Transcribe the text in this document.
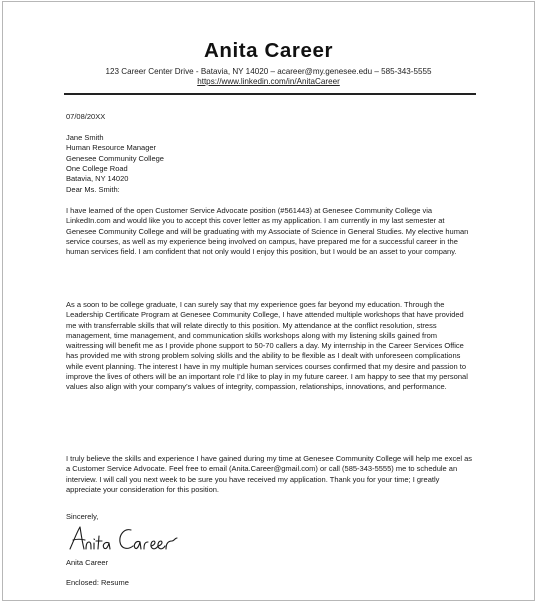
Anita Career
123 Career Center Drive - Batavia, NY 14020 – acareer@my.genesee.edu – 585-343-5555
https://www.linkedin.com/in/AnitaCareer
07/08/20XX
Jane Smith
Human Resource Manager
Genesee Community College
One College Road
Batavia, NY 14020
Dear Ms. Smith:

I have learned of the open Customer Service Advocate position (#561443) at Genesee Community College via LinkedIn.com and would like you to accept this cover letter as my application. I am currently in my last semester at Genesee Community College and will be graduating with my Associate of Science in General Studies. My elective human service courses, as well as my experience being involved on campus, have prepared me for a successful career in the human services field. I am confident that not only would I enjoy this position, but I would be an asset to your company.

As a soon to be college graduate, I can surely say that my experience goes far beyond my education. Through the Leadership Certificate Program at Genesee Community College, I have attended multiple workshops that have provided me with transferrable skills that will relate directly to this position. My attendance at the conflict resolution, stress management, time management, and communication skills workshops along with my listening skills gained from waitressing will benefit me as I provide phone support to 50-70 callers a day. My internship in the Career Services Office has provided me with strong problem solving skills and the ability to be flexible as I dealt with unforeseen complications while event planning. The interest I have in my multiple human services courses confirmed that my desire and passion to improve the lives of others will be an important role I’d like to play in my future career. I am happy to see that my personal values also align with your company’s values of integrity, compassion, relationships, innovations, and performance.

I truly believe the skills and experience I have gained during my time at Genesee Community College will help me excel as a Customer Service Advocate. Feel free to email (Anita.Career@gmail.com) or call (585-343-5555) me to schedule an interview. I will call you next week to be sure you have received my application. Thank you for your time; I greatly appreciate your consideration for this position.

Sincerely,
Anita Career
Enclosed: Resume
